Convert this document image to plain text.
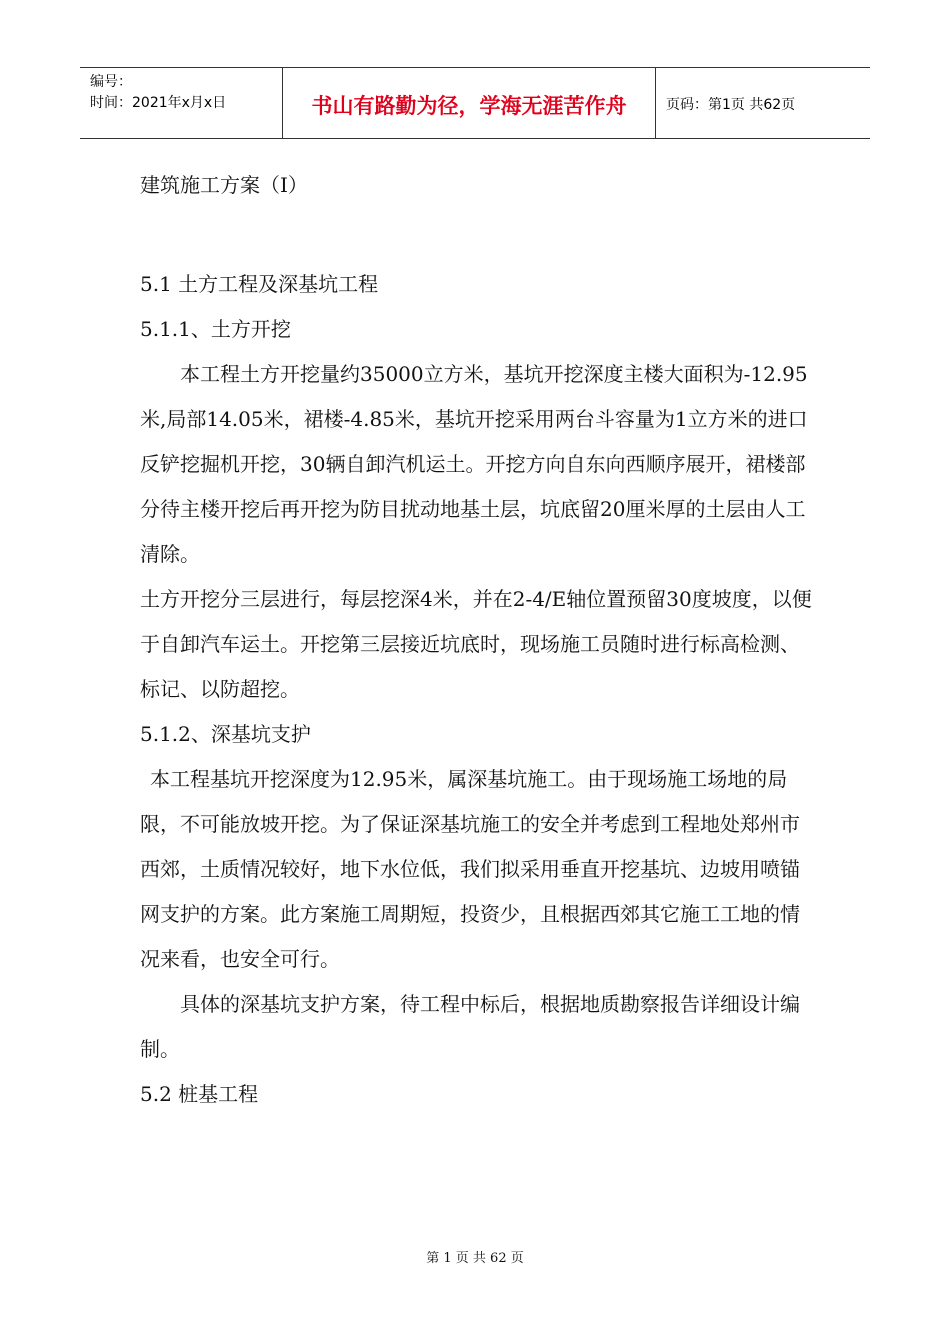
编号：
时间：2021年x月x日	书山有路勤为径，学海无涯苦作舟	页码：第1页 共62页
建筑施工方案（I）

5.1 土方工程及深基坑工程

5.1.1、土方开挖

本工程土方开挖量约35000立方米，基坑开挖深度主楼大面积为-12.95米,局部14.05米，裙楼-4.85米，基坑开挖采用两台斗容量为1立方米的进口反铲挖掘机开挖，30辆自卸汽机运土。开挖方向自东向西顺序展开，裙楼部分待主楼开挖后再开挖为防目扰动地基土层，坑底留20厘米厚的土层由人工清除。

土方开挖分三层进行，每层挖深4米，并在2-4/E轴位置预留30度坡度，以便于自卸汽车运土。开挖第三层接近坑底时，现场施工员随时进行标高检测、标记、以防超挖。

5.1.2、深基坑支护

本工程基坑开挖深度为12.95米，属深基坑施工。由于现场施工场地的局限，不可能放坡开挖。为了保证深基坑施工的安全并考虑到工程地处郑州市西郊，土质情况较好，地下水位低，我们拟采用垂直开挖基坑、边坡用喷锚网支护的方案。此方案施工周期短，投资少，且根据西郊其它施工工地的情况来看，也安全可行。

具体的深基坑支护方案，待工程中标后，根据地质勘察报告详细设计编制。

5.2 桩基工程

第 1 页 共 62 页
